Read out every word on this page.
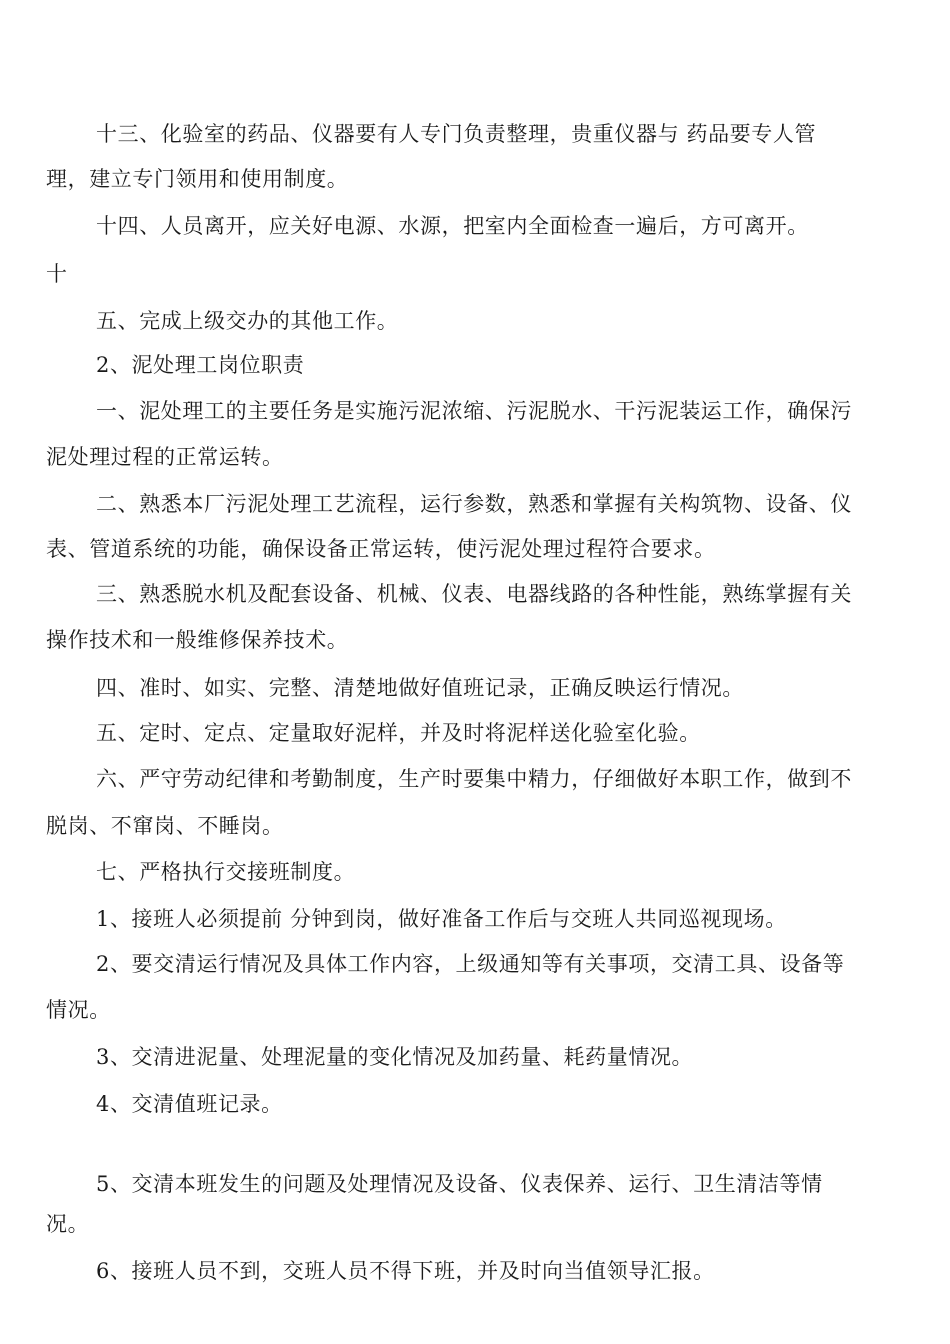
十三、化验室的药品、仪器要有人专门负责整理，贵重仪器与 药品要专人管
理，建立专门领用和使用制度。
十四、人员离开，应关好电源、水源，把室内全面检查一遍后，方可离开。
十
五、完成上级交办的其他工作。
2、泥处理工岗位职责
一、泥处理工的主要任务是实施污泥浓缩、污泥脱水、干污泥装运工作，确保污
泥处理过程的正常运转。
二、熟悉本厂污泥处理工艺流程，运行参数，熟悉和掌握有关构筑物、设备、仪
表、管道系统的功能，确保设备正常运转，使污泥处理过程符合要求。
三、熟悉脱水机及配套设备、机械、仪表、电器线路的各种性能，熟练掌握有关
操作技术和一般维修保养技术。
四、准时、如实、完整、清楚地做好值班记录，正确反映运行情况。
五、定时、定点、定量取好泥样，并及时将泥样送化验室化验。
六、严守劳动纪律和考勤制度，生产时要集中精力，仔细做好本职工作，做到不
脱岗、不窜岗、不睡岗。
七、严格执行交接班制度。
1、接班人必须提前 分钟到岗，做好准备工作后与交班人共同巡视现场。
2、要交清运行情况及具体工作内容，上级通知等有关事项，交清工具、设备等
情况。
3、交清进泥量、处理泥量的变化情况及加药量、耗药量情况。
4、交清值班记录。
5、交清本班发生的问题及处理情况及设备、仪表保养、运行、卫生清洁等情
况。
6、接班人员不到，交班人员不得下班，并及时向当值领导汇报。
